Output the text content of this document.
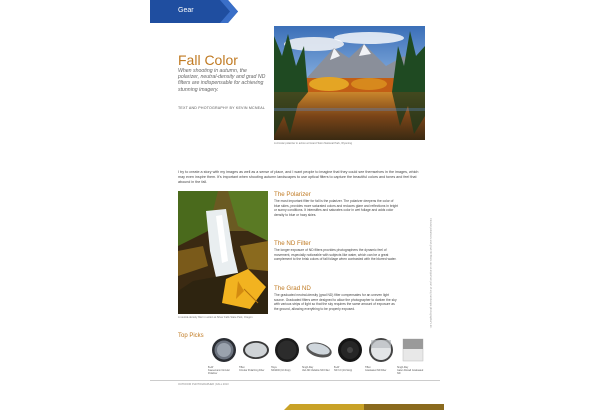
Gear
Fall Color
When shooting in autumn, the polarizer, neutral-density and grad ND filters are indispensable for achieving stunning imagery.
TEXT AND PHOTOGRAPHY BY KEVIN MCNEAL
A circular polarizer in action at Grand Teton National Park, Wyoming
I try to create a story with my images as well as a sense of place, and I want people to imagine that they could see themselves in the images, which may even inspire them. It's important when shooting autumn landscapes to use optical filters to capture the beautiful colors and tones and feel that abound in the fall.
A neutral-density filter in action at Silver Falls State Park, Oregon
The Polarizer
The most important filter for fall is the polarizer. The polarizer deepens the color of blue skies, provides more saturated colors and reduces glare and reflections in bright or sunny conditions. It intensifies and saturates color in wet foliage and adds color density to blue or hazy skies.
The ND Filter
The longer exposure of ND filters provides photographers the dynamic feel of movement, especially noticeable with subjects like water, which can be a great complement to the brisk colors of fall foliage when contrasted with the blurred water.
The Grad ND
The graduated neutral-density (grad ND) filter compensates for an uneven light source. Graduated filters were designed to allow the photographer to darken the sky with various strips of light so that the sky requires the same amount of exposure as the ground, allowing everything to be properly exposed.	Circular polarizers and grad ND filters are an important part of any landscape photographer's kit.
Top Picks
B+W
Kaesemann Circular Polarizer
Tiffen
Circular Polarizing Filter
Hoya
ND1000 (10-Stop)
Singh-Ray
Vari-ND Variable ND Filter
B+W
ND 3.0 (10-Stop)
Tiffen
Graduated ND Filter
Singh-Ray
Galen Rowell Graduated ND
OUTDOOR PHOTOGRAPHER | FALL 2013
